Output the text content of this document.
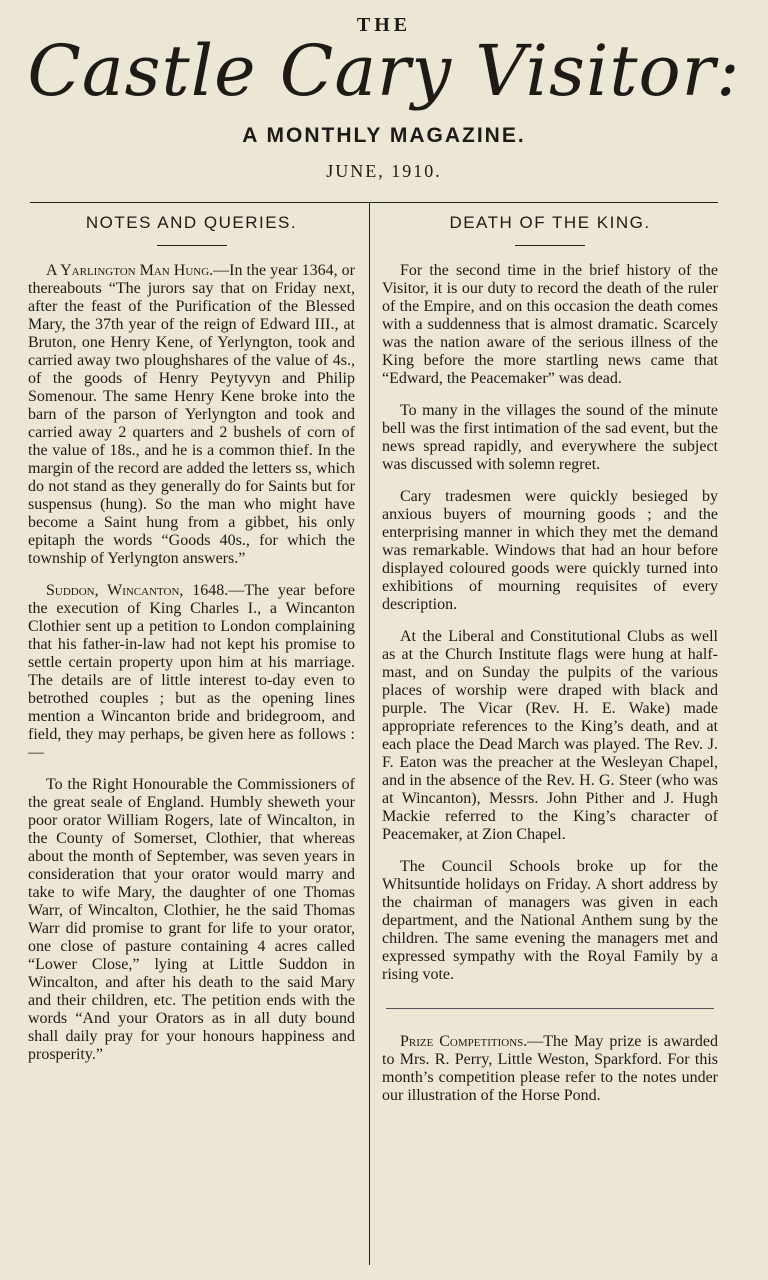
THE
Castle Cary Visitor:
A MONTHLY MAGAZINE.
JUNE, 1910.
NOTES AND QUERIES.

A Yarlington Man Hung.—In the year 1364, or thereabouts “The jurors say that on Friday next, after the feast of the Purification of the Blessed Mary, the 37th year of the reign of Edward III., at Bruton, one Henry Kene, of Yerlyngton, took and carried away two ploughshares of the value of 4s., of the goods of Henry Peytyvyn and Philip Somenour. The same Henry Kene broke into the barn of the parson of Yerlyngton and took and carried away 2 quarters and 2 bushels of corn of the value of 18s., and he is a common thief. In the margin of the record are added the letters ss, which do not stand as they generally do for Saints but for suspensus (hung). So the man who might have become a Saint hung from a gibbet, his only epitaph the words “Goods 40s., for which the township of Yerlyngton answers.”

Suddon, Wincanton, 1648.—The year before the execution of King Charles I., a Wincanton Clothier sent up a petition to London complaining that his father-in-law had not kept his promise to settle certain property upon him at his marriage. The details are of little interest to-day even to betrothed couples ; but as the opening lines mention a Wincanton bride and bridegroom, and field, they may perhaps, be given here as follows :—

To the Right Honourable the Commissioners of the great seale of England. Humbly sheweth your poor orator William Rogers, late of Wincalton, in the County of Somerset, Clothier, that whereas about the month of September, was seven years in consideration that your orator would marry and take to wife Mary, the daughter of one Thomas Warr, of Wincalton, Clothier, he the said Thomas Warr did promise to grant for life to your orator, one close of pasture containing 4 acres called “Lower Close,” lying at Little Suddon in Wincalton, and after his death to the said Mary and their children, etc. The petition ends with the words “And your Orators as in all duty bound shall daily pray for your honours happiness and prosperity.”

DEATH OF THE KING.

For the second time in the brief history of the Visitor, it is our duty to record the death of the ruler of the Empire, and on this occasion the death comes with a suddenness that is almost dramatic. Scarcely was the nation aware of the serious illness of the King before the more startling news came that “Edward, the Peacemaker” was dead.

To many in the villages the sound of the minute bell was the first intimation of the sad event, but the news spread rapidly, and everywhere the subject was discussed with solemn regret.

Cary tradesmen were quickly besieged by anxious buyers of mourning goods ; and the enterprising manner in which they met the demand was remarkable. Windows that had an hour before displayed coloured goods were quickly turned into exhibitions of mourning requisites of every description.

At the Liberal and Constitutional Clubs as well as at the Church Institute flags were hung at half-mast, and on Sunday the pulpits of the various places of worship were draped with black and purple. The Vicar (Rev. H. E. Wake) made appropriate references to the King’s death, and at each place the Dead March was played. The Rev. J. F. Eaton was the preacher at the Wesleyan Chapel, and in the absence of the Rev. H. G. Steer (who was at Wincanton), Messrs. John Pither and J. Hugh Mackie referred to the King’s character of Peacemaker, at Zion Chapel.

The Council Schools broke up for the Whitsuntide holidays on Friday. A short address by the chairman of managers was given in each department, and the National Anthem sung by the children. The same evening the managers met and expressed sympathy with the Royal Family by a rising vote.

Prize Competitions.—The May prize is awarded to Mrs. R. Perry, Little Weston, Sparkford. For this month’s competition please refer to the notes under our illustration of the Horse Pond.
